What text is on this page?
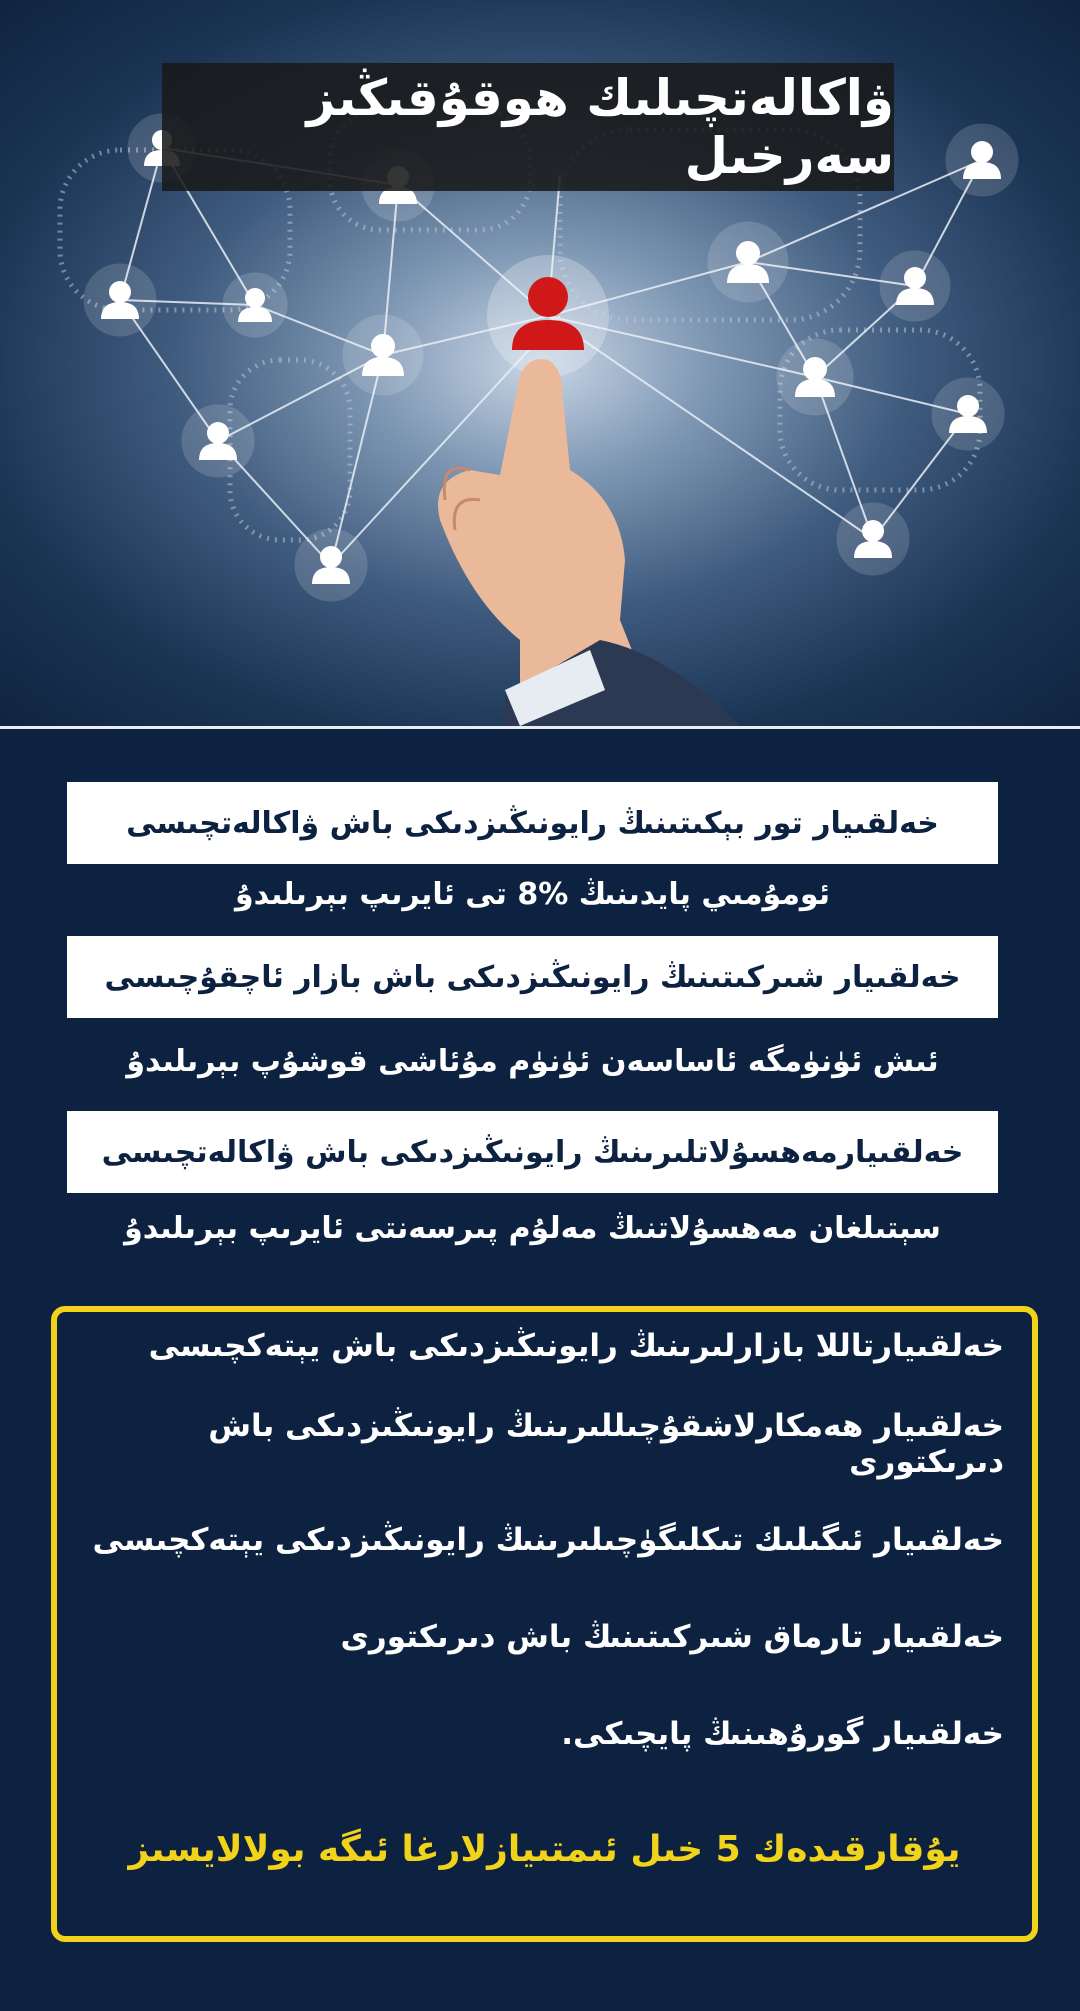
ۋاكالەتچىلىك ھوقۇقىڭىز سەرخىل
خەلقىيار تور بېكىتىنىڭ رايونىڭىزدىكى باش ۋاكالەتچىسى
ئومۇمىي پايدىنىڭ %8 تى ئايرىپ بېرىلىدۇ
خەلقىيار شىركىتىنىڭ رايونىڭىزدىكى باش بازار ئاچقۇچىسى
ئىش ئۈنۈمگە ئاساسەن ئۈنۈم مۇئاشى قوشۇپ بېرىلىدۇ
خەلقىيارمەھسۇلاتلىرىنىڭ رايونىڭىزدىكى باش ۋاكالەتچىسى
سېتىلغان مەھسۇلاتنىڭ مەلۇم پىرسەنتى ئايرىپ بېرىلىدۇ
خەلقىيارتاللا بازارلىرىنىڭ رايونىڭىزدىكى باش يېتەكچىسى
خەلقىيار ھەمكارلاشقۇچىللىرىنىڭ رايونىڭىزدىكى باش دىرىكتورى
خەلقىيار ئىگىلىك تىكلىگۈچىلىرىنىڭ رايونىڭىزدىكى يېتەكچىسى
خەلقىيار تارماق شىركىتىنىڭ باش دىرىكتورى
خەلقىيار گورۇھىنىڭ پايچىكى.
يۇقارقىدەك 5 خىل ئىمتىيازلارغا ئىگە بولالايسىز
